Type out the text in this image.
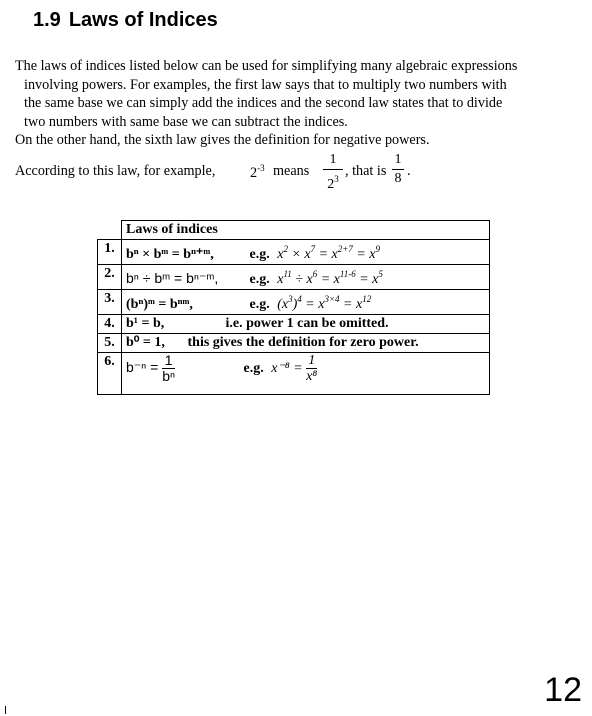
1.9 Laws of Indices

The laws of indices listed below can be used for simplifying many algebraic expressions
involving powers. For examples, the first law says that to multiply two numbers with
the same base we can simply add the indices and the second law states that to divide
two numbers with same base we can subtract the indices.
On the other hand, the sixth law gives the definition for negative powers.

According to this law, for example, $2^{-3}$ means
1
$2^3$ , that is
1
8 .
	Laws of indices
1.	bⁿ × bᵐ = bⁿ⁺ᵐ, e.g. $x^2 \times x^7 = x^{2+7} = x^9$
2.	bⁿ ÷ bᵐ = bⁿ⁻ᵐ, e.g. $x^{11} \div x^6 = x^{11-6} = x^5$
3.	(bⁿ)ᵐ = bⁿᵐ, e.g. $(x^3)^4 = x^{3\times 4} = x^{12}$
4.	b¹ = b, i.e. power 1 can be omitted.
5.	b⁰ = 1, this gives the definition for zero power.
6.	$b^{-n} = \frac{1}{\text{bⁿ}} e.g$. $x^{-8} = \frac{1}{\text{x⁸}}$
12
